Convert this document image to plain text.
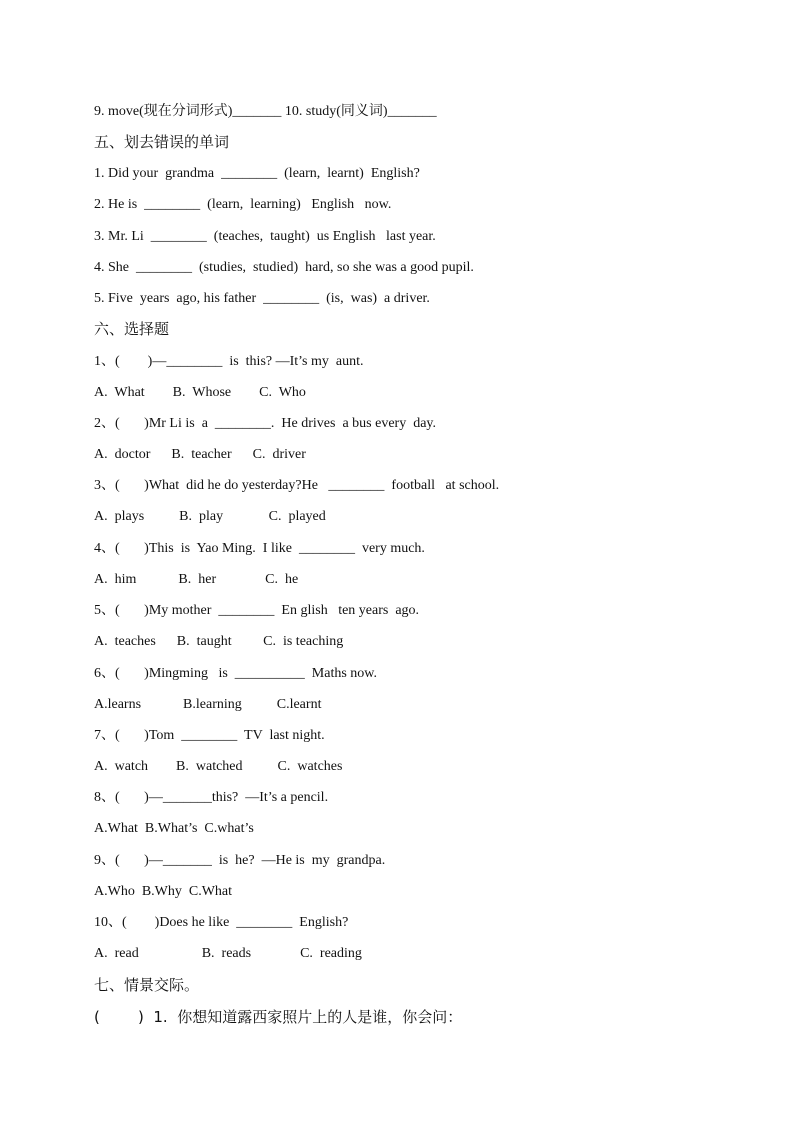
9. move(现在分词形式)_______ 10. study(同义词)_______
五、划去错误的单词
1. Did your  grandma  ________  (learn,  learnt)  English?
2. He is  ________  (learn,  learning)   English   now.
3. Mr. Li  ________  (teaches,  taught)  us English   last year.
4. She  ________  (studies,  studied)  hard, so she was a good pupil.
5. Five  years  ago, his father  ________  (is,  was)  a driver.
六、选择题
1、(        )—________  is  this? —It’s my  aunt.
A.  What        B.  Whose        C.  Who
2、(       )Mr Li is  a  ________.  He drives  a bus every  day.
A.  doctor      B.  teacher      C.  driver
3、(       )What  did he do yesterday?He   ________  football   at school.
A.  plays          B.  play             C.  played
4、(       )This  is  Yao Ming.  I like  ________  very much.
A.  him            B.  her              C.  he
5、(       )My mother  ________  En glish   ten years  ago.
A.  teaches      B.  taught         C.  is teaching
6、(       )Mingming   is  __________  Maths now.
A.learns            B.learning          C.learnt
7、(       )Tom  ________  TV  last night.
A.  watch        B.  watched          C.  watches
8、(       )—_______this?  —It’s a pencil.
A.What  B.What’s  C.what’s
9、(       )—_______  is  he?  —He is  my  grandpa.
A.Who  B.Why  C.What
10、(        )Does he like  ________  English?
A.  read                  B.  reads              C.  reading
七、情景交际。
(        )  1.  你想知道露西家照片上的人是谁，你会问：
